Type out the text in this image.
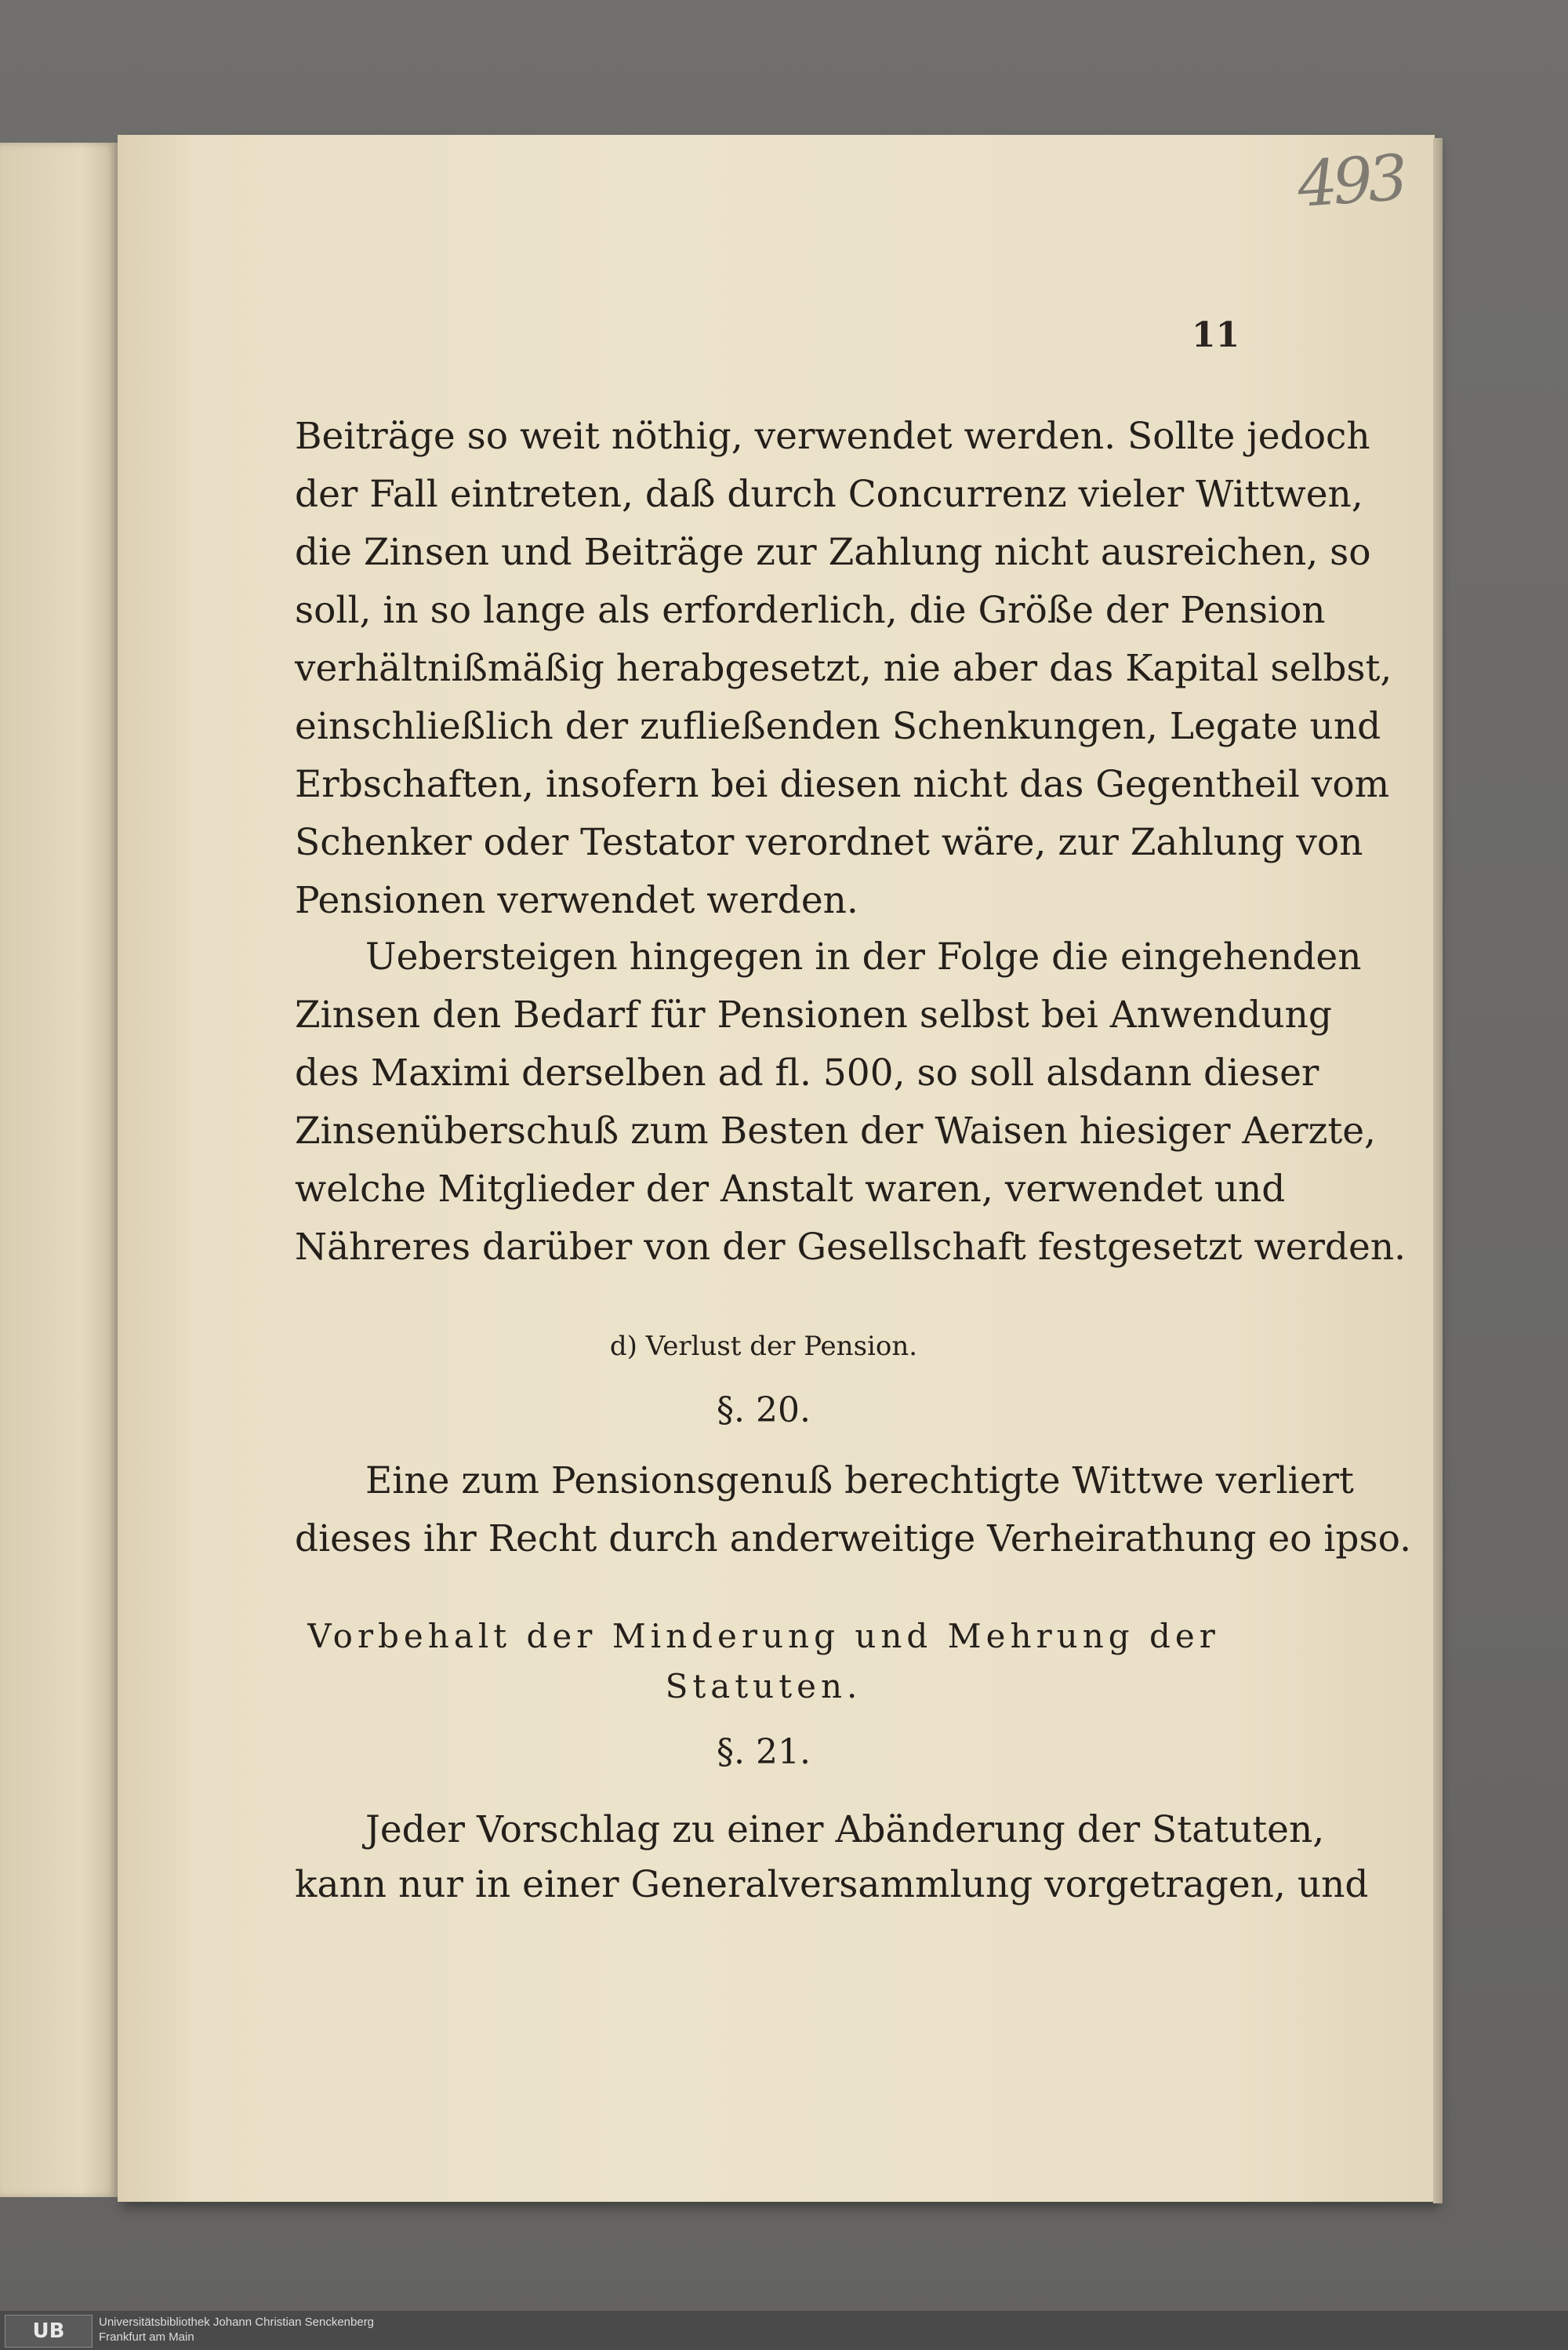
493
11
Beiträge so weit nöthig, verwendet werden. Sollte jedoch
der Fall eintreten, daß durch Concurrenz vieler Wittwen,
die Zinsen und Beiträge zur Zahlung nicht ausreichen, so
soll, in so lange als erforderlich, die Größe der Pension
verhältnißmäßig herabgesetzt, nie aber das Kapital selbst,
einschließlich der zufließenden Schenkungen, Legate und
Erbschaften, insofern bei diesen nicht das Gegentheil vom
Schenker oder Testator verordnet wäre, zur Zahlung von
Pensionen verwendet werden.
Uebersteigen hingegen in der Folge die eingehenden
Zinsen den Bedarf für Pensionen selbst bei Anwendung
des Maximi derselben ad fl. 500, so soll alsdann dieser
Zinsenüberschuß zum Besten der Waisen hiesiger Aerzte,
welche Mitglieder der Anstalt waren, verwendet und
Nähreres darüber von der Gesellschaft festgesetzt werden.
d) Verlust der Pension.
§. 20.
Eine zum Pensionsgenuß berechtigte Wittwe verliert
dieses ihr Recht durch anderweitige Verheirathung eo ipso.
Vorbehalt der Minderung und Mehrung der
Statuten.
§. 21.
Jeder Vorschlag zu einer Abänderung der Statuten,
kann nur in einer Generalversammlung vorgetragen, und
UB	Universitätsbibliothek Johann Christian Senckenberg
Frankfurt am Main
